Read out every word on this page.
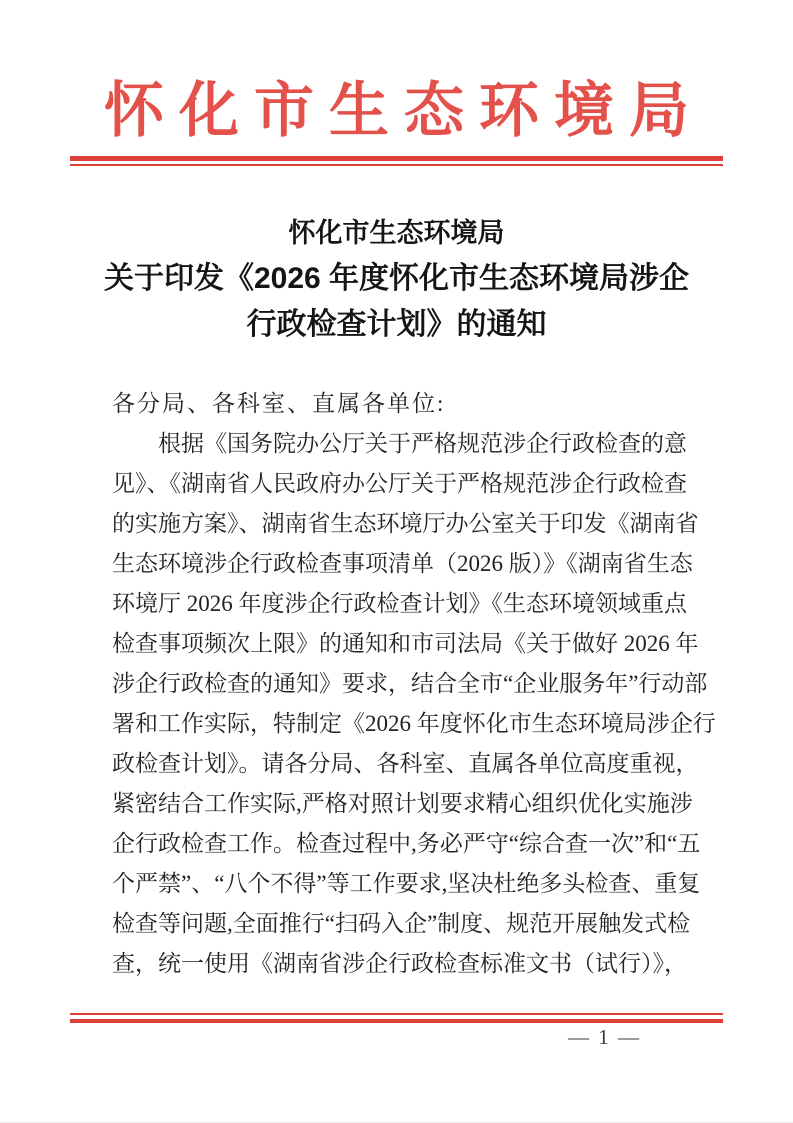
怀化市生态环境局
怀化市生态环境局
关于印发《2026 年度怀化市生态环境局涉企
行政检查计划》的通知
各分局、各科室、直属各单位:
根据《国务院办公厅关于严格规范涉企行政检查的意
见》、《湖南省人民政府办公厅关于严格规范涉企行政检查
的实施方案》、湖南省生态环境厅办公室关于印发《湖南省
生态环境涉企行政检查事项清单（2026 版）》《湖南省生态
环境厅 2026 年度涉企行政检查计划》《生态环境领域重点
检查事项频次上限》的通知和市司法局《关于做好 2026 年
涉企行政检查的通知》要求，结合全市“企业服务年”行动部
署和工作实际，特制定《2026 年度怀化市生态环境局涉企行
政检查计划》。请各分局、各科室、直属各单位高度重视，
紧密结合工作实际,严格对照计划要求精心组织优化实施涉
企行政检查工作。检查过程中,务必严守“综合查一次”和“五
个严禁”、“八个不得”等工作要求,坚决杜绝多头检查、重复
检查等问题,全面推行“扫码入企”制度、规范开展触发式检
查，统一使用《湖南省涉企行政检查标准文书（试行）》，
— 1 —
